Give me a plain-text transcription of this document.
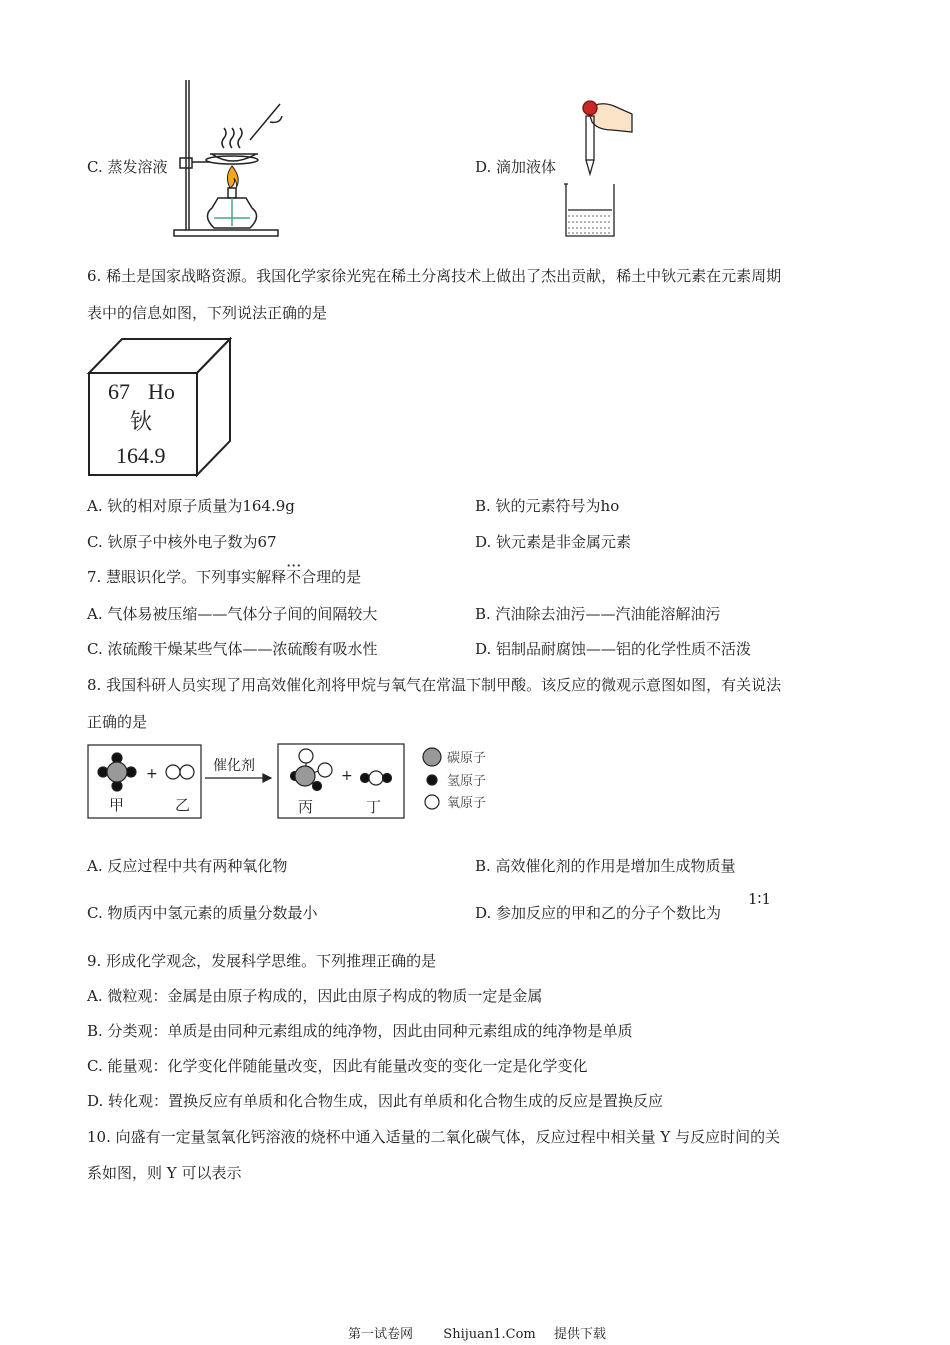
C. 蒸发溶液	D. 滴加液体
6. 稀土是国家战略资源。我国化学家徐光宪在稀土分离技术上做出了杰出贡献，稀土中钬元素在元素周期
表中的信息如图，下列说法正确的是
67 Ho
钬
164.9
A. 钬的相对原子质量为164.9g	B. 钬的元素符号为ho
C. 钬原子中核外电子数为67	D. 钬元素是非金属元素
7. 慧眼识化学。下列事实解释··· 不合理的是
A. 气体易被压缩——气体分子间的间隔较大	B. 汽油除去油污——汽油能溶解油污
C. 浓硫酸干燥某些气体——浓硫酸有吸水性	D. 铝制品耐腐蚀——铝的化学性质不活泼
8. 我国科研人员实现了用高效催化剂将甲烷与氧气在常温下制甲酸。该反应的微观示意图如图，有关说法
正确的是
+	催化剂
甲	乙
+
丙	丁
碳原子
氢原子
氧原子
A. 反应过程中共有两种氧化物	B. 高效催化剂的作用是增加生成物质量
C. 物质丙中氢元素的质量分数最小	D. 参加反应的甲和乙的分子个数比为
1∶1
9. 形成化学观念，发展科学思维。下列推理正确的是
A. 微粒观：金属是由原子构成的，因此由原子构成的物质一定是金属
B. 分类观：单质是由同种元素组成的纯净物，因此由同种元素组成的纯净物是单质
C. 能量观：化学变化伴随能量改变，因此有能量改变的变化一定是化学变化
D. 转化观：置换反应有单质和化合物生成，因此有单质和化合物生成的反应是置换反应
10. 向盛有一定量氢氧化钙溶液的烧杯中通入适量的二氧化碳气体，反应过程中相关量 Y 与反应时间的关
系如图，则 Y 可以表示
第一试卷网 Shijuan1.Com 提供下载
